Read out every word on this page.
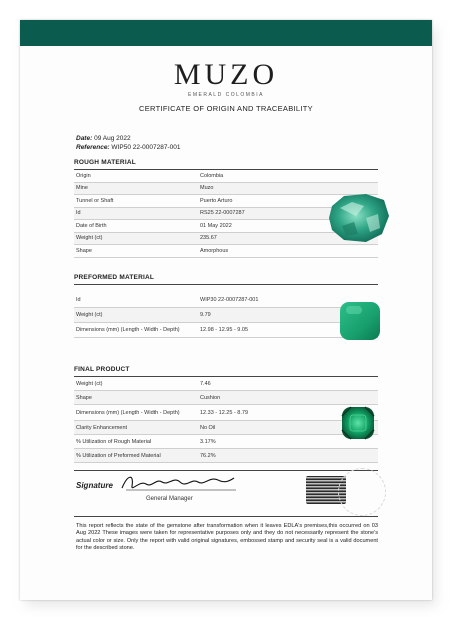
MUZO
EMERALD COLOMBIA
CERTIFICATE OF ORIGIN AND TRACEABILITY
Date: 09 Aug 2022
Reference: WIP50 22-0007287-001
ROUGH MATERIAL
Origin	Colombia
Mine	Muzo
Tunnel or Shaft	Puerto Arturo
Id	RS25 22-0007287
Date of Birth	01 May 2022
Weight (ct)	235.67
Shape	Amorphous
PREFORMED MATERIAL
Id	WIP30 22-0007287-001
Weight (ct)	9.79
Dimensions (mm) (Length - Width - Depth)	12.98 - 12.95 - 9.05
FINAL PRODUCT
Weight (ct)	7.46
Shape	Cushion
Dimensions (mm) (Length - Width - Depth)	12.33 - 12.25 - 8.79
Clarity Enhancement	No Oil
% Utilization of Rough Material	3.17%
% Utilization of Preformed Material	76.2%
Signature
General Manager
This report reflects the state of the gemstone after transformation when it leaves EDLA's premises,this occurred on 03 Aug 2022 These images were taken for representative purposes only and they do not necessarily represent the stone's actual color or size. Only the report with valid original signatures, embossed stamp and security seal is a valid document for the described stone.
